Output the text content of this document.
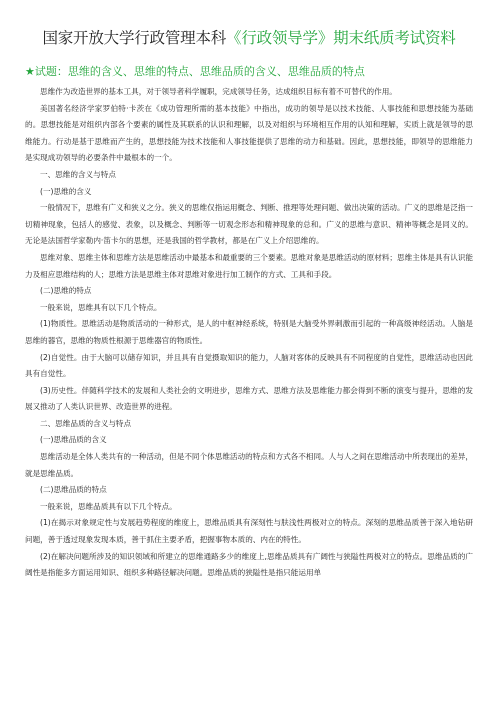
国家开放大学行政管理本科《行政领导学》期末纸质考试资料
★试题：思维的含义、思维的特点、思维品质的含义、思维品质的特点

思维作为改造世界的基本工具，对于领导者科学履职，完成领导任务，达成组织目标有着不可替代的作用。

美国著名经济学家罗伯特·卡茨在《成功管理所需的基本技能》中指出，成功的领导是以技术技能、人事技能和思想技能为基础的。思想技能是对组织内部各个要素的属性及其联系的认识和理解，以及对组织与环境相互作用的认知和理解，实质上就是领导的思维能力。行动是基于思维而产生的，思想技能为技术技能和人事技能提供了思维的动力和基础。因此，思想技能，即领导的思维能力是实现成功领导的必要条件中最根本的一个。

一、思维的含义与特点

(一)思维的含义

一般情况下，思维有广义和狭义之分。狭义的思维仅指运用概念、判断、推理等处理问题、做出决策的活动。广义的思维是泛指一切精神现象，包括人的感觉、表象，以及概念、判断等一切观念形态和精神现象的总和。广义的思维与意识、精神等概念是同义的。无论是法国哲学家勒内·笛卡尔的思想，还是我国的哲学教材，都是在广义上介绍思维的。

思维对象、思维主体和思维方法是思维活动中最基本和最重要的三个要素。思维对象是思维活动的原材料；思维主体是具有认识能力及相应思维结构的人；思维方法是思维主体对思维对象进行加工制作的方式、工具和手段。

(二)思维的特点

一般来说，思维具有以下几个特点。

(1)物质性。思维活动是物质活动的一种形式，是人的中枢神经系统，特别是大脑受外界刺激而引起的一种高级神经活动。人脑是思维的器官，思维的物质性根源于思维器官的物质性。

(2)自觉性。由于大脑可以储存知识，并且具有自觉摄取知识的能力，人脑对客体的反映具有不同程度的自觉性，思维活动也因此具有自觉性。

(3)历史性。伴随科学技术的发展和人类社会的文明进步，思维方式、思维方法及思维能力都会得到不断的演变与提升，思维的发展又推动了人类认识世界、改造世界的进程。

二、思维品质的含义与特点

(一)思维品质的含义

思维活动是全体人类共有的一种活动，但是不同个体思维活动的特点和方式各不相同。人与人之间在思维活动中所表现出的差异，就是思维品质。

(二)思维品质的特点

一般来说，思维品质具有以下几个特点。

(1)在揭示对象规定性与发展趋势程度的维度上，思维品质具有深刻性与肤浅性两极对立的特点。深刻的思维品质善于深入地钻研问题，善于透过现象发现本质，善于抓住主要矛盾，把握事物本质的、内在的特性。

(2)在解决问题所涉及的知识领域和所建立的思维通路多少的维度上,思维品质具有广阔性与狭隘性两极对立的特点。思维品质的广阔性是指能多方面运用知识、组织多种路径解决问题。思维品质的狭隘性是指只能运用单
